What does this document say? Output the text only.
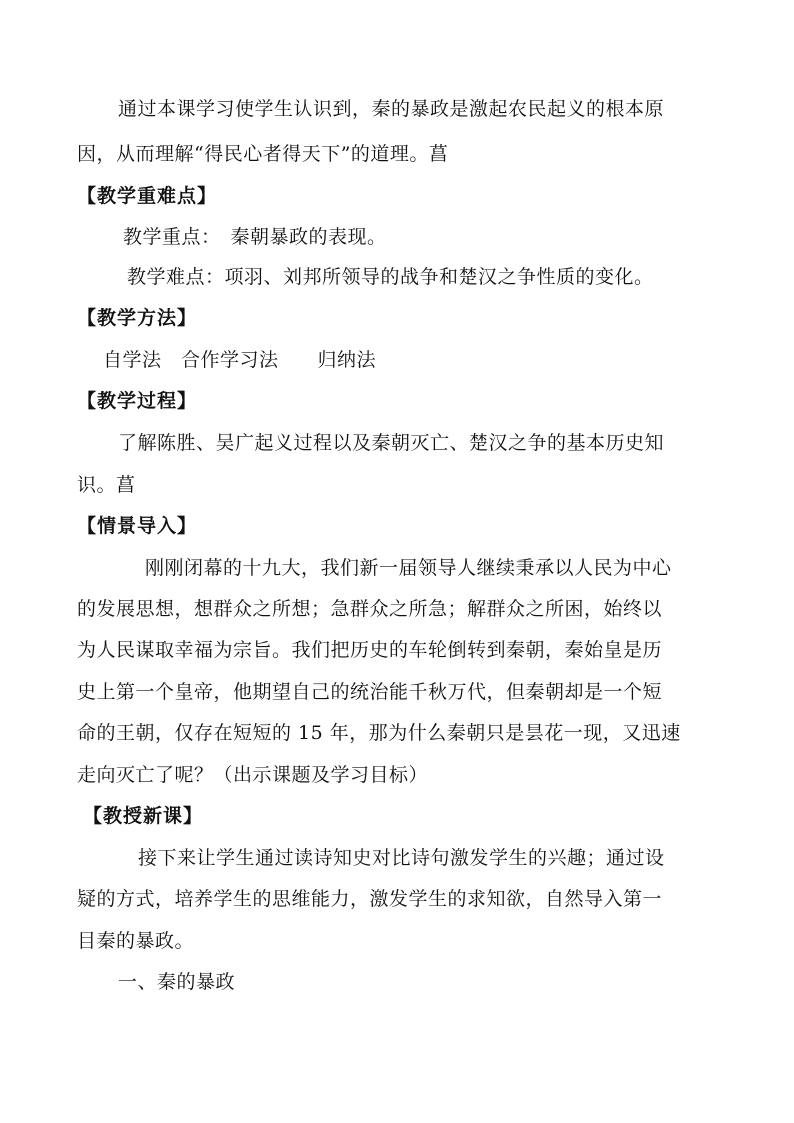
通过本课学习使学生认识到，秦的暴政是激起农民起义的根本原
因，从而理解“得民心者得天下”的道理。菖
【教学重难点】
教学重点：　秦朝暴政的表现。
教学难点：项羽、刘邦所领导的战争和楚汉之争性质的变化。
【教学方法】
自学法　合作学习法　　归纳法
【教学过程】
了解陈胜、吴广起义过程以及秦朝灭亡、楚汉之争的基本历史知
识。菖
【情景导入】
刚刚闭幕的十九大，我们新一届领导人继续秉承以人民为中心
的发展思想，想群众之所想；急群众之所急；解群众之所困，始终以
为人民谋取幸福为宗旨。我们把历史的车轮倒转到秦朝，秦始皇是历
史上第一个皇帝，他期望自己的统治能千秋万代，但秦朝却是一个短
命的王朝，仅存在短短的 15 年，那为什么秦朝只是昙花一现，又迅速
走向灭亡了呢？（出示课题及学习目标）
【教授新课】
接下来让学生通过读诗知史对比诗句激发学生的兴趣；通过设
疑的方式，培养学生的思维能力，激发学生的求知欲，自然导入第一
目秦的暴政。
一、秦的暴政
